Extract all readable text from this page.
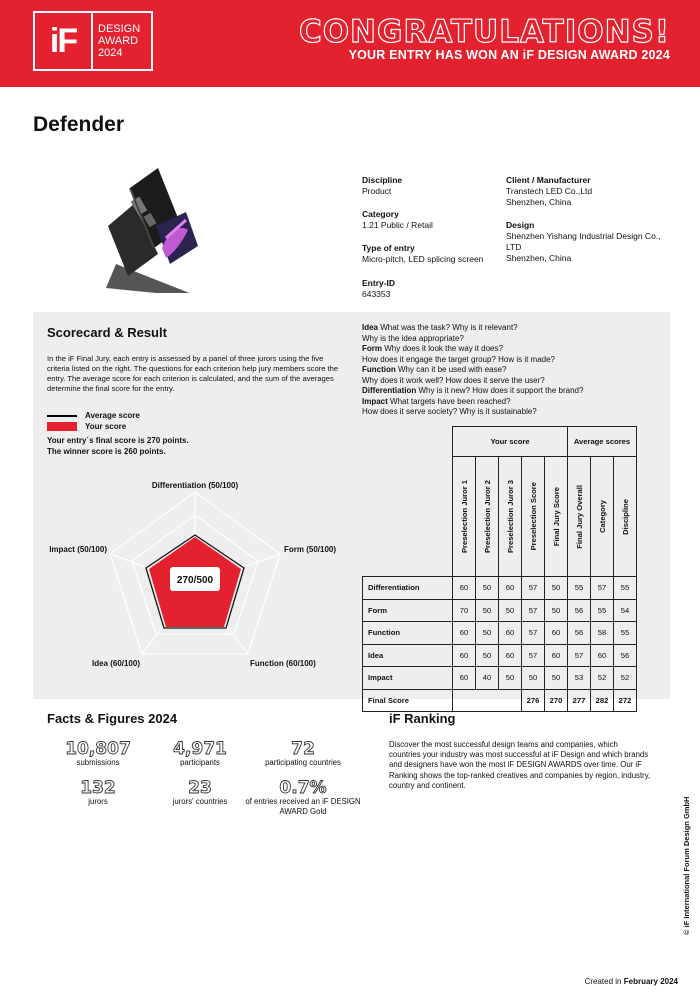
iF	DESIGN
AWARD
2024
CONGRATULATIONS!
YOUR ENTRY HAS WON AN iF DESIGN AWARD 2024
Defender
Discipline
Product
Category
1.21 Public / Retail
Type of entry
Micro-pitch, LED splicing screen
Entry-ID
643353
Client / Manufacturer
Transtech LED Co.,Ltd
Shenzhen, China
Design
Shenzhen Yishang Industrial Design Co.,
LTD
Shenzhen, China
Scorecard & Result
In the iF Final Jury, each entry is assessed by a panel of three jurors using the five criteria listed on the right. The questions for each criterion help jury members score the entry. The average score for each criterion is calculated, and the sum of the averages determine the final score for the entry.
Average score
Your score
Your entry´s final score is 270 points.
The winner score is 260 points.
270/500
Differentiation (50/100)
Form (50/100)
Impact (50/100)
Function (60/100)
Idea (60/100)
Idea What was the task? Why is it relevant?
Why is the idea appropriate?
Form Why does it look the way it does?
How does it engage the target group? How is it made?
Function Why can it be used with ease?
Why does it work well? How does it serve the user?
Differentiation Why is it new? How does it support the brand?
Impact What targets have been reached?
How does it serve society? Why is it sustainable?
	Your score					Average scores		

	Preselection Juror 1	Preselection Juror 2	Preselection Juror 3	Preselection Score	Final Jury Score	Final Jury Overall	Category	Discipline

Differentiation	60	50	60	57	50	55	57	55
Form	70	50	50	57	50	56	55	54
Function	60	50	60	57	60	56	58	55
Idea	60	50	60	57	60	57	60	56
Impact	60	40	50	50	50	53	52	52
Final Score				276	270	277	282	272
Facts & Figures 2024
10,807
submissions
4,971
participants
72
participating countries
132
jurors
23
jurors' countries
0.7%
of entries received an iF DESIGN AWARD Gold
iF Ranking
Discover the most successful design teams and companies, which countries your industry was most successful at iF Design and which brands and designers have won the most iF DESIGN AWARDS over time. Our iF Ranking shows the top-ranked creatives and companies by region, industry, country and continent.
© iF International Forum Design GmbH
Created in February 2024
